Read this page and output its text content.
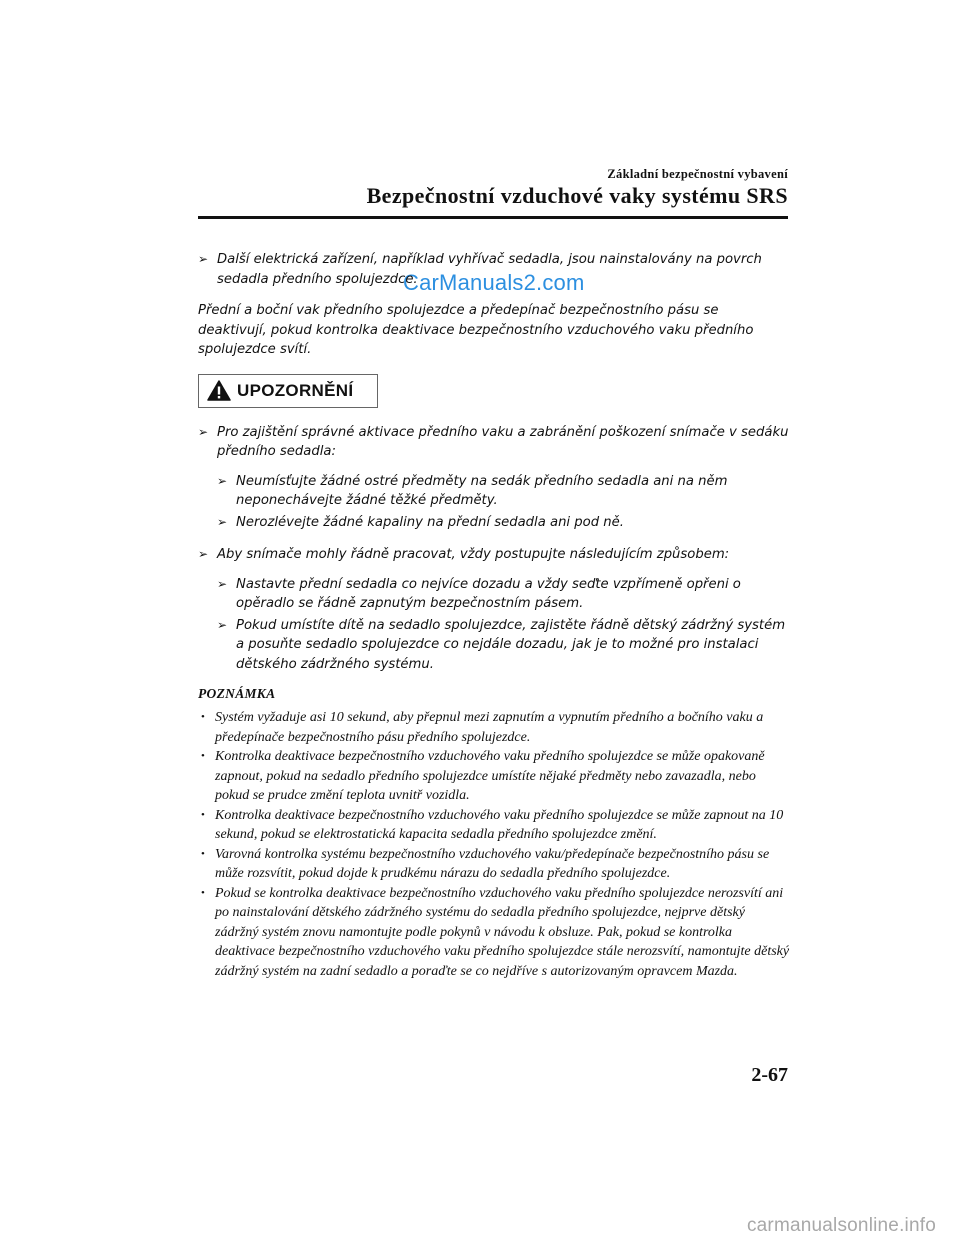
Základní bezpečnostní vybavení
Bezpečnostní vzduchové vaky systému SRS
CarManuals2.com
➢ Další elektrická zařízení, například vyhřívač sedadla, jsou nainstalovány na povrch sedadla předního spolujezdce.
Přední a boční vak předního spolujezdce a předepínač bezpečnostního pásu se deaktivují, pokud kontrolka deaktivace bezpečnostního vzduchového vaku předního spolujezdce svítí.
UPOZORNĚNÍ
➢ Pro zajištění správné aktivace předního vaku a zabránění poškození snímače v sedáku předního sedadla:
➢ Neumísťujte žádné ostré předměty na sedák předního sedadla ani na něm neponechávejte žádné těžké předměty.
➢ Nerozlévejte žádné kapaliny na přední sedadla ani pod ně.
➢ Aby snímače mohly řádně pracovat, vždy postupujte následujícím způsobem:
➢ Nastavte přední sedadla co nejvíce dozadu a vždy seďte vzpřímeně opřeni o opěradlo se řádně zapnutým bezpečnostním pásem.
➢ Pokud umístíte dítě na sedadlo spolujezdce, zajistěte řádně dětský zádržný systém a posuňte sedadlo spolujezdce co nejdále dozadu, jak je to možné pro instalaci dětského zádržného systému.
POZNÁMKA
• Systém vyžaduje asi 10 sekund, aby přepnul mezi zapnutím a vypnutím předního a bočního vaku a předepínače bezpečnostního pásu předního spolujezdce.
• Kontrolka deaktivace bezpečnostního vzduchového vaku předního spolujezdce se může opakovaně zapnout, pokud na sedadlo předního spolujezdce umístíte nějaké předměty nebo zavazadla, nebo pokud se prudce změní teplota uvnitř vozidla.
• Kontrolka deaktivace bezpečnostního vzduchového vaku předního spolujezdce se může zapnout na 10 sekund, pokud se elektrostatická kapacita sedadla předního spolujezdce změní.
• Varovná kontrolka systému bezpečnostního vzduchového vaku/předepínače bezpečnostního pásu se může rozsvítit, pokud dojde k prudkému nárazu do sedadla předního spolujezdce.
• Pokud se kontrolka deaktivace bezpečnostního vzduchového vaku předního spolujezdce nerozsvítí ani po nainstalování dětského zádržného systému do sedadla předního spolujezdce, nejprve dětský zádržný systém znovu namontujte podle pokynů v návodu k obsluze. Pak, pokud se kontrolka deaktivace bezpečnostního vzduchového vaku předního spolujezdce stále nerozsvítí, namontujte dětský zádržný systém na zadní sedadlo a poraďte se co nejdříve s autorizovaným opravcem Mazda.
2-67
carmanualsonline.info
